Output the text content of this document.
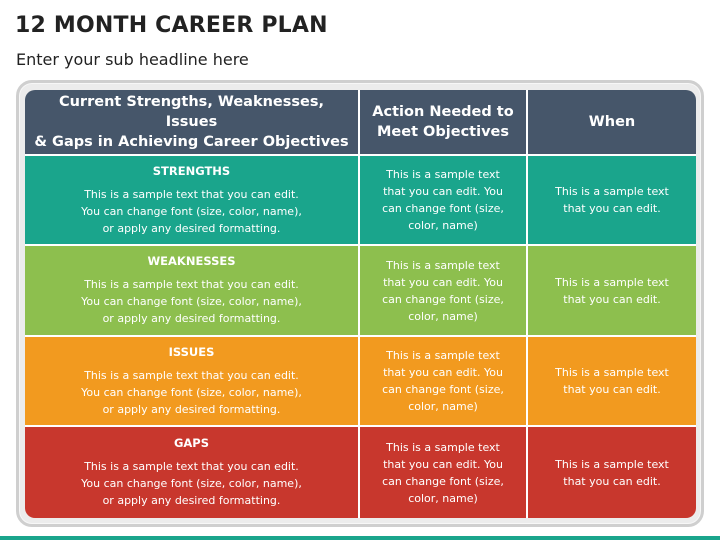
12 MONTH CAREER PLAN
Enter your sub headline here
Current Strengths, Weaknesses, Issues
& Gaps in Achieving Career Objectives
Action Needed to
Meet Objectives
When
STRENGTHS
This is a sample text that you can edit.
You can change font (size, color, name),
or apply any desired formatting.
This is a sample text
that you can edit. You
can change font (size,
color, name)
This is a sample text
that you can edit.
WEAKNESSES
This is a sample text that you can edit.
You can change font (size, color, name),
or apply any desired formatting.
This is a sample text
that you can edit. You
can change font (size,
color, name)
This is a sample text
that you can edit.
ISSUES
This is a sample text that you can edit.
You can change font (size, color, name),
or apply any desired formatting.
This is a sample text
that you can edit. You
can change font (size,
color, name)
This is a sample text
that you can edit.
GAPS
This is a sample text that you can edit.
You can change font (size, color, name),
or apply any desired formatting.
This is a sample text
that you can edit. You
can change font (size,
color, name)
This is a sample text
that you can edit.
